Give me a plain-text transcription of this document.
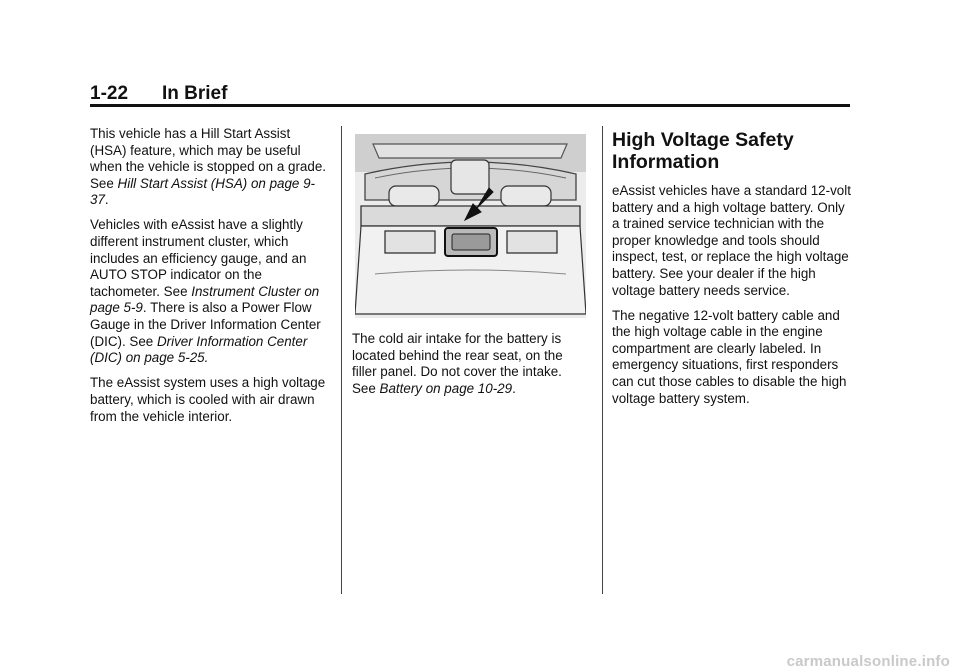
1-22 In Brief

This vehicle has a Hill Start Assist (HSA) feature, which may be useful when the vehicle is stopped on a grade. See Hill Start Assist (HSA) on page 9-37.

Vehicles with eAssist have a slightly different instrument cluster, which includes an efficiency gauge, and an AUTO STOP indicator on the tachometer. See Instrument Cluster on page 5-9. There is also a Power Flow Gauge in the Driver Information Center (DIC). See Driver Information Center (DIC) on page 5-25.

The eAssist system uses a high voltage battery, which is cooled with air drawn from the vehicle interior.

The cold air intake for the battery is located behind the rear seat, on the filler panel. Do not cover the intake. See Battery on page 10-29.

High Voltage Safety Information

eAssist vehicles have a standard 12-volt battery and a high voltage battery. Only a trained service technician with the proper knowledge and tools should inspect, test, or replace the high voltage battery. See your dealer if the high voltage battery needs service.

The negative 12-volt battery cable and the high voltage cable in the engine compartment are clearly labeled. In emergency situations, first responders can cut those cables to disable the high voltage battery system.

carmanualsonline.info
